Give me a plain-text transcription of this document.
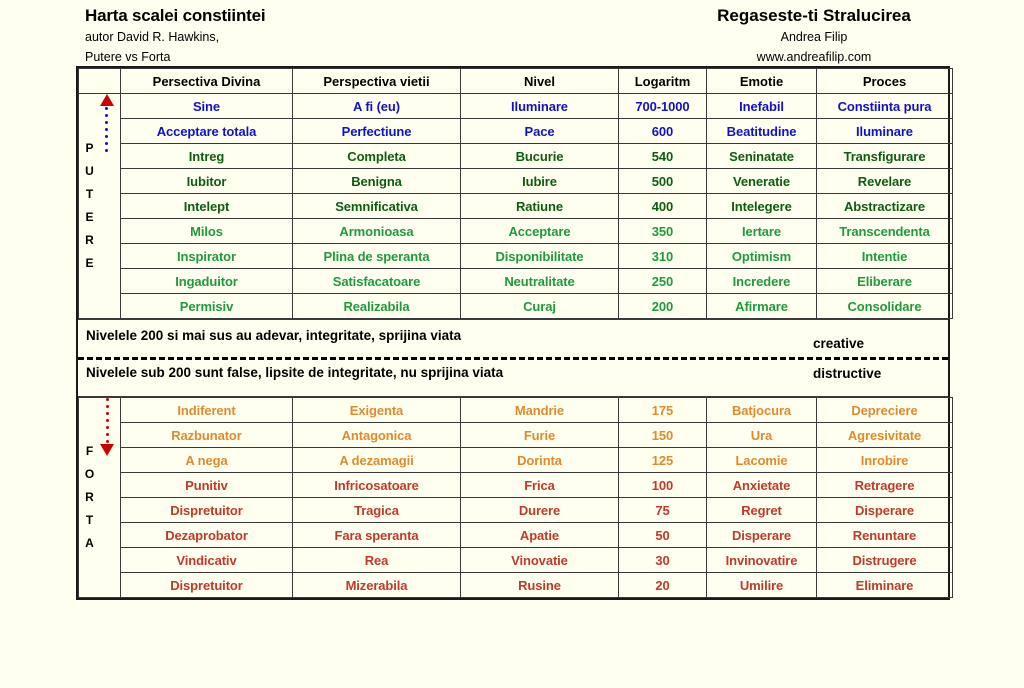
Harta scalei constiintei
autor David R. Hawkins,
Putere vs Forta
Regaseste-ti Stralucirea
Andrea Filip
www.andreafilip.com
	Persectiva Divina	Perspectiva vietii	Nivel	Logaritm	Emotie	Proces

P
U
T
E
R
E
	Sine	A fi (eu)	Iluminare	700-1000	Inefabil	Constiinta pura
	Acceptare totala	Perfectiune	Pace	600	Beatitudine	Iluminare
	Intreg	Completa	Bucurie	540	Seninatate	Transfigurare
	Iubitor	Benigna	Iubire	500	Veneratie	Revelare
	Intelept	Semnificativa	Ratiune	400	Intelegere	Abstractizare
	Milos	Armonioasa	Acceptare	350	Iertare	Transcendenta
	Inspirator	Plina de speranta	Disponibilitate	310	Optimism	Intentie
	Ingaduitor	Satisfacatoare	Neutralitate	250	Incredere	Eliberare
	Permisiv	Realizabila	Curaj	200	Afirmare	Consolidare
Nivelele 200 si mai sus au adevar, integritate, sprijina viata
creative
Nivelele sub 200 sunt false, lipsite de integritate, nu sprijina viata	distructive
F
O
R
T
A	Indiferent	Exigenta	Mandrie	175	Batjocura	Depreciere
	Razbunator	Antagonica	Furie	150	Ura	Agresivitate
	A nega	A dezamagii	Dorinta	125	Lacomie	Inrobire
	Punitiv	Infricosatoare	Frica	100	Anxietate	Retragere
	Dispretuitor	Tragica	Durere	75	Regret	Disperare
	Dezaprobator	Fara speranta	Apatie	50	Disperare	Renuntare
	Vindicativ	Rea	Vinovatie	30	Invinovatire	Distrugere
	Dispretuitor	Mizerabila	Rusine	20	Umilire	Eliminare
